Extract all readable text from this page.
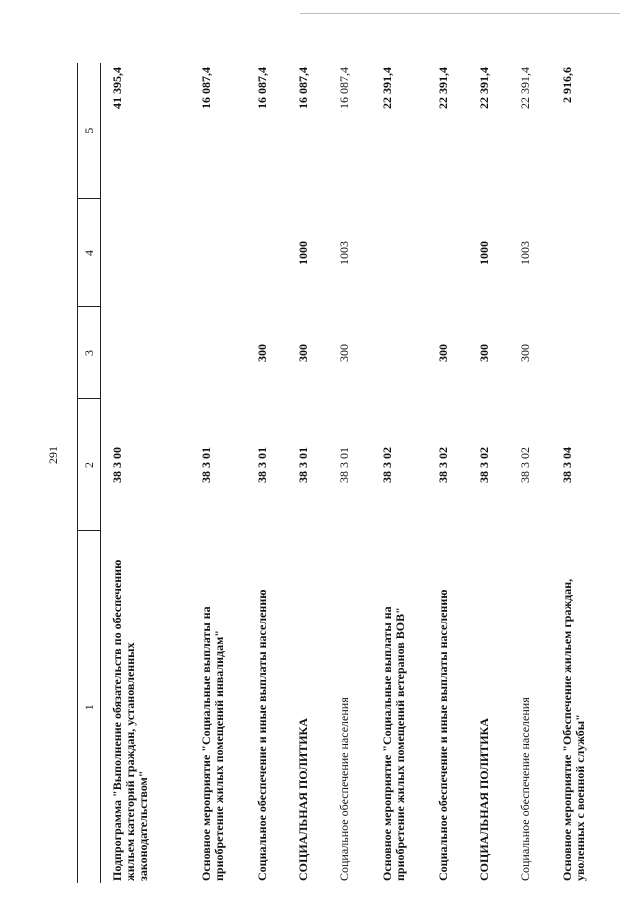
291
1	2	3	4	5
Подпрограмма "Выполнение обязательств по обеспечению жильем категорий граждан, установленных законодательством"	38 3 00			41 395,4
Основное мероприятие "Социальные выплаты на приобретение жилых помещений инвалидам"	38 3 01			16 087,4
Социальное обеспечение и иные выплаты населению	38 3 01	300		16 087,4
СОЦИАЛЬНАЯ ПОЛИТИКА	38 3 01	300	1000	16 087,4
Социальное обеспечение населения	38 3 01	300	1003	16 087,4
Основное мероприятие "Социальные выплаты на приобретение жилых помещений ветеранов ВОВ"	38 3 02			22 391,4
Социальное обеспечение и иные выплаты населению	38 3 02	300		22 391,4
СОЦИАЛЬНАЯ ПОЛИТИКА	38 3 02	300	1000	22 391,4
Социальное обеспечение населения	38 3 02	300	1003	22 391,4
Основное мероприятие "Обеспечение жильем граждан, уволенных с военной службы"	38 3 04			2 916,6
